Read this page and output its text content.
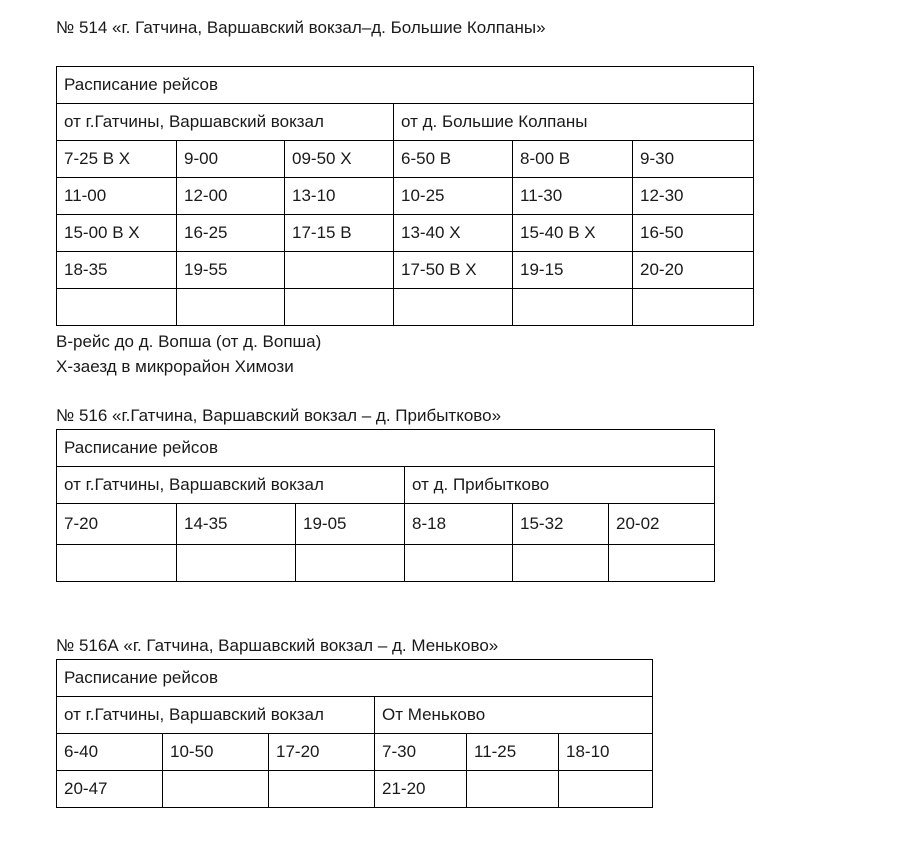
№ 514 «г. Гатчина, Варшавский вокзал–д. Большие Колпаны»
Расписание рейсов					
от г.Гатчины, Варшавский вокзал			от д. Большие Колпаны		
7-25 В Х	9-00	09-50 Х	6-50 В	8-00 В	9-30
11-00	12-00	13-10	10-25	11-30	12-30
15-00 В Х	16-25	17-15 В	13-40 Х	15-40 В Х	16-50
18-35	19-55		17-50 В Х	19-15	20-20

В-рейс до д. Вопша (от д. Вопша)
Х-заезд в микрорайон Химози
№ 516 «г.Гатчина, Варшавский вокзал – д. Прибытково»
Расписание рейсов					
от г.Гатчины, Варшавский вокзал			от д. Прибытково		
7-20	14-35	19-05	8-18	15-32	20-02

№ 516А «г. Гатчина, Варшавский вокзал – д. Меньково»
Расписание рейсов					
от г.Гатчины, Варшавский вокзал			От Меньково		
6-40	10-50	17-20	7-30	11-25	18-10
20-47			21-20		
